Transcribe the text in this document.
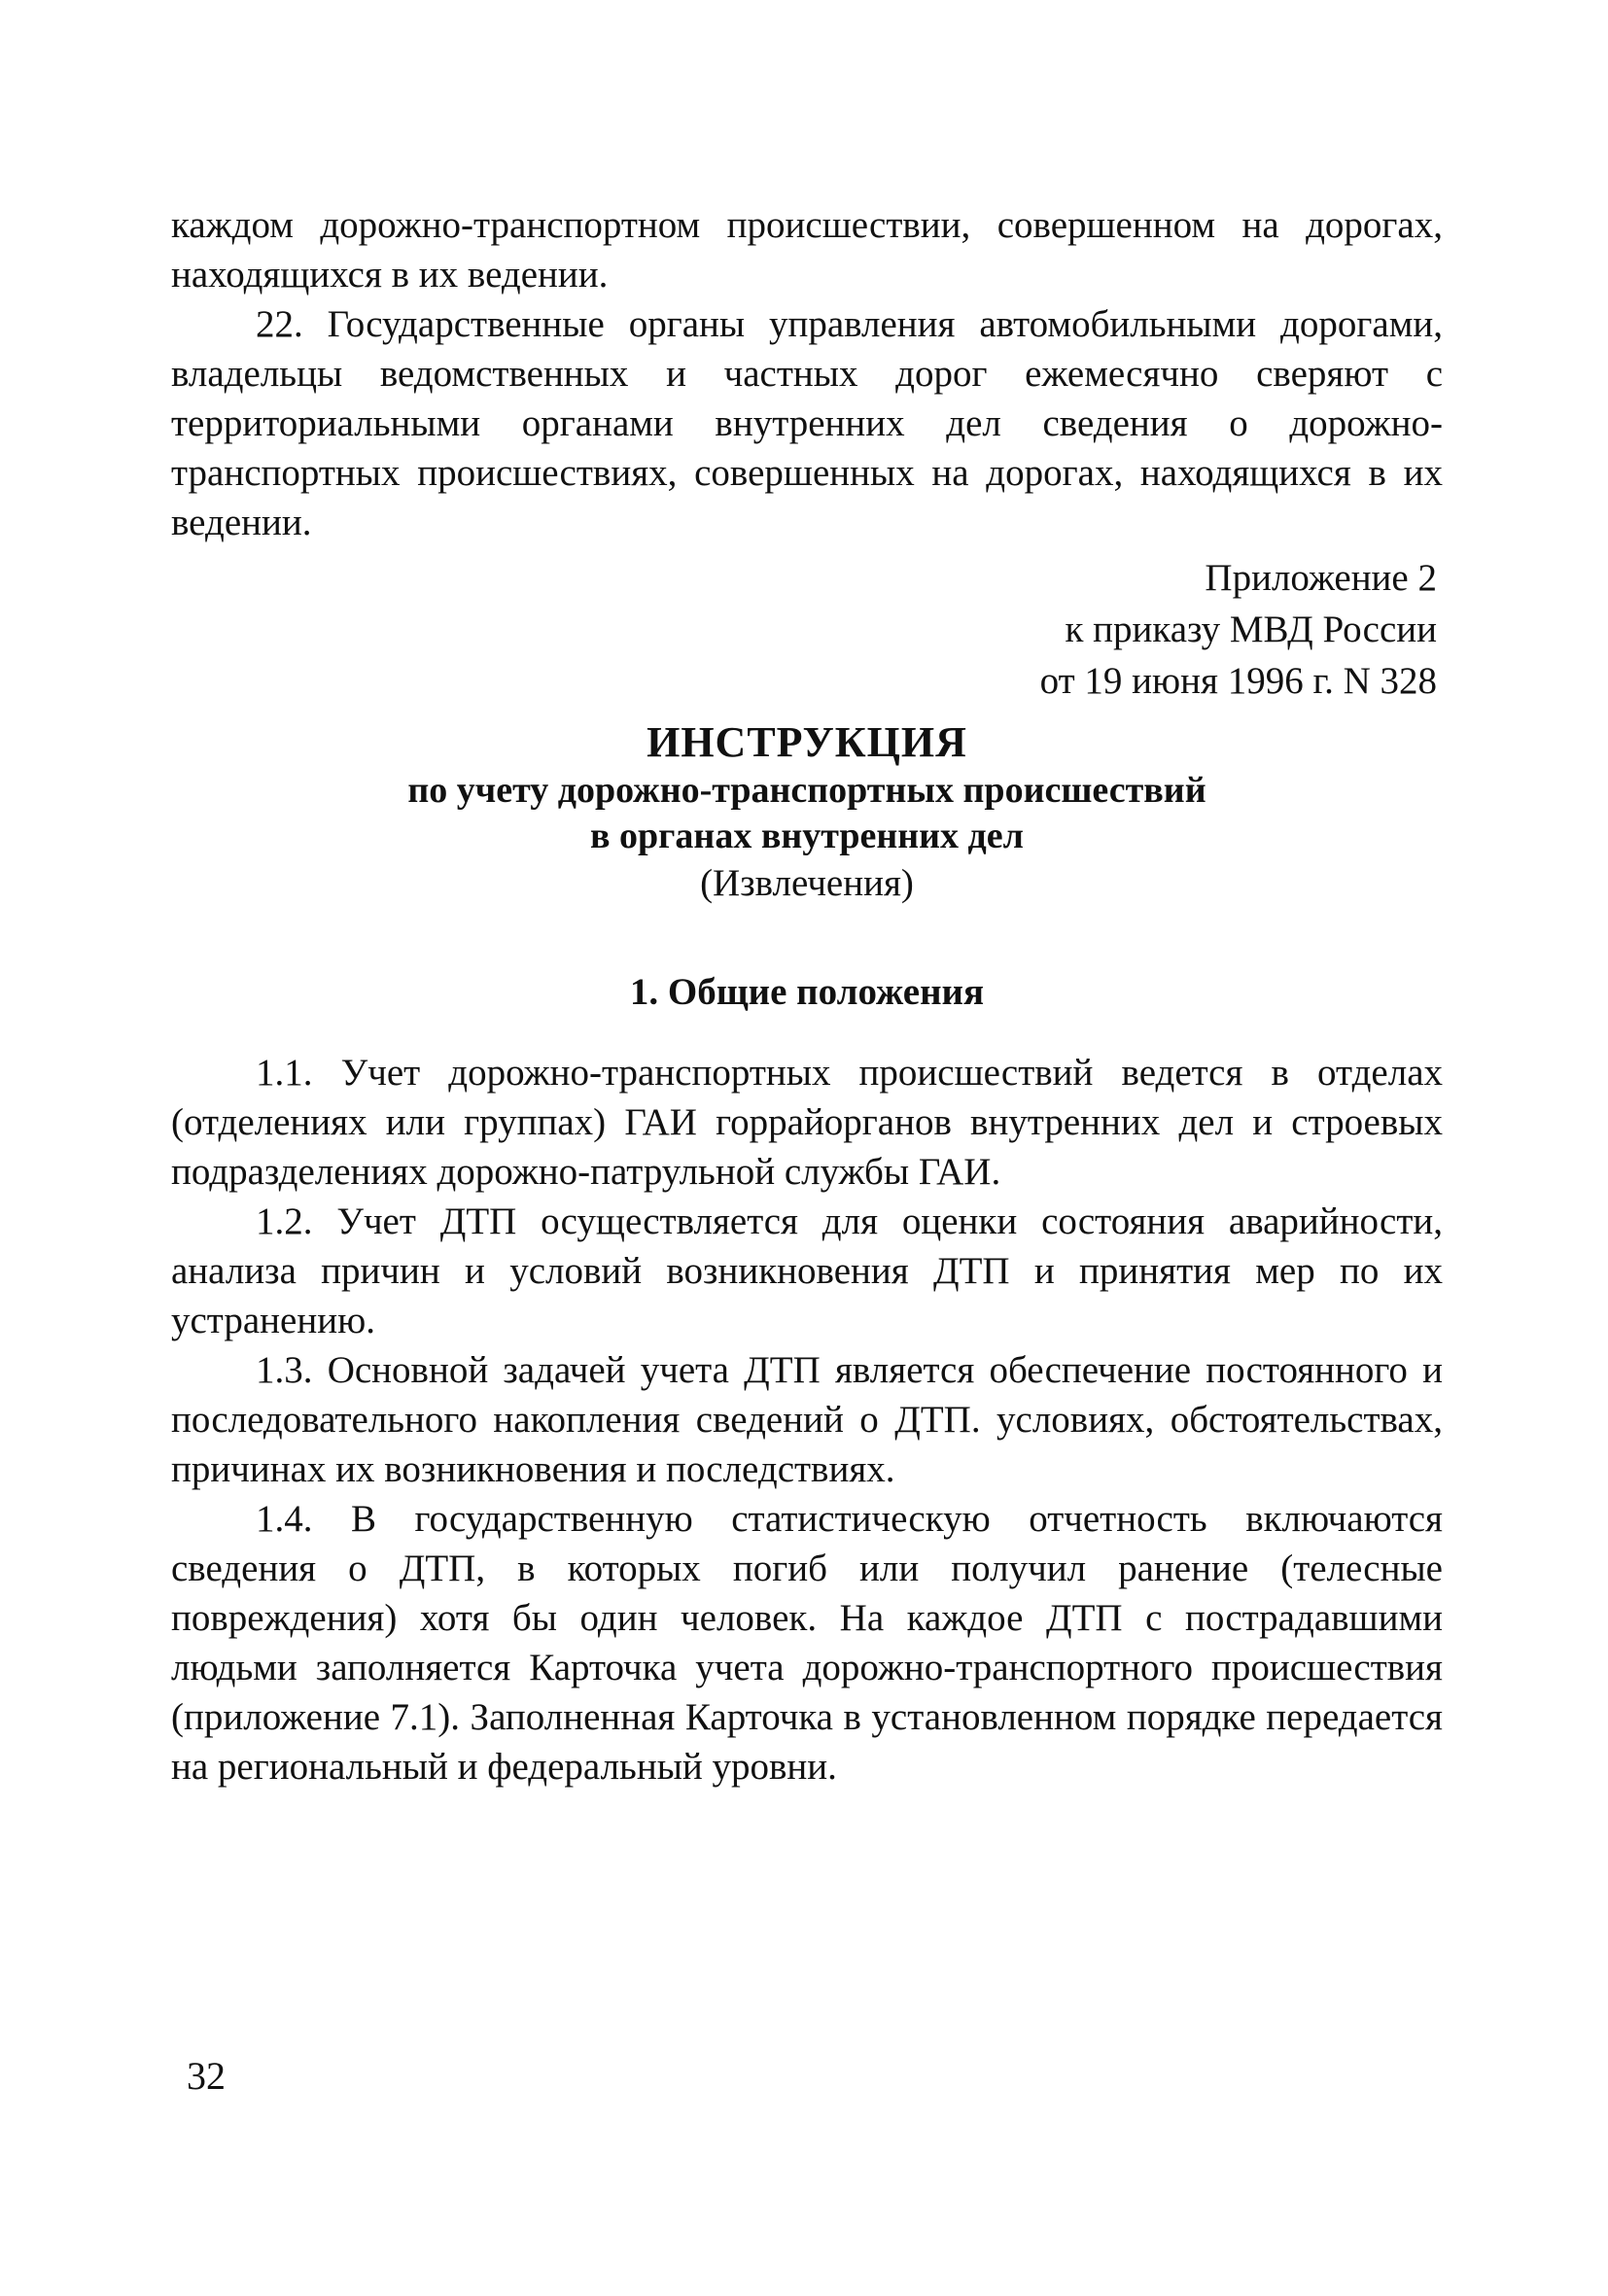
каждом дорожно-транспортном происшествии, совершенном на дорогах, находящихся в их ведении.

22. Государственные органы управления автомобильными дорогами, владельцы ведомственных и частных дорог ежемесячно сверяют с территориальными органами внутренних дел сведения о дорожно-транспортных происшествиях, совершенных на дорогах, находящихся в их ведении.

Приложение 2
к приказу МВД России
от 19 июня 1996 г. N 328

ИНСТРУКЦИЯ

по учету дорожно-транспортных происшествий

в органах внутренних дел

(Извлечения)

1. Общие положения

1.1. Учет дорожно-транспортных происшествий ведется в отделах (отделениях или группах) ГАИ горрайорганов внутренних дел и строевых подразделениях дорожно-патрульной службы ГАИ.

1.2. Учет ДТП осуществляется для оценки состояния аварийности, анализа причин и условий возникновения ДТП и принятия мер по их устранению.

1.3. Основной задачей учета ДТП является обеспечение постоянного и последовательного накопления сведений о ДТП. условиях, обстоятельствах, причинах их возникновения и последствиях.

1.4. В государственную статистическую отчетность включаются сведения о ДТП, в которых погиб или получил ранение (телесные повреждения) хотя бы один человек. На каждое ДТП с пострадавшими людьми заполняется Карточка учета дорожно-транспортного происшествия (приложение 7.1). Заполненная Карточка в установленном порядке передается на региональный и федеральный уровни.

32
